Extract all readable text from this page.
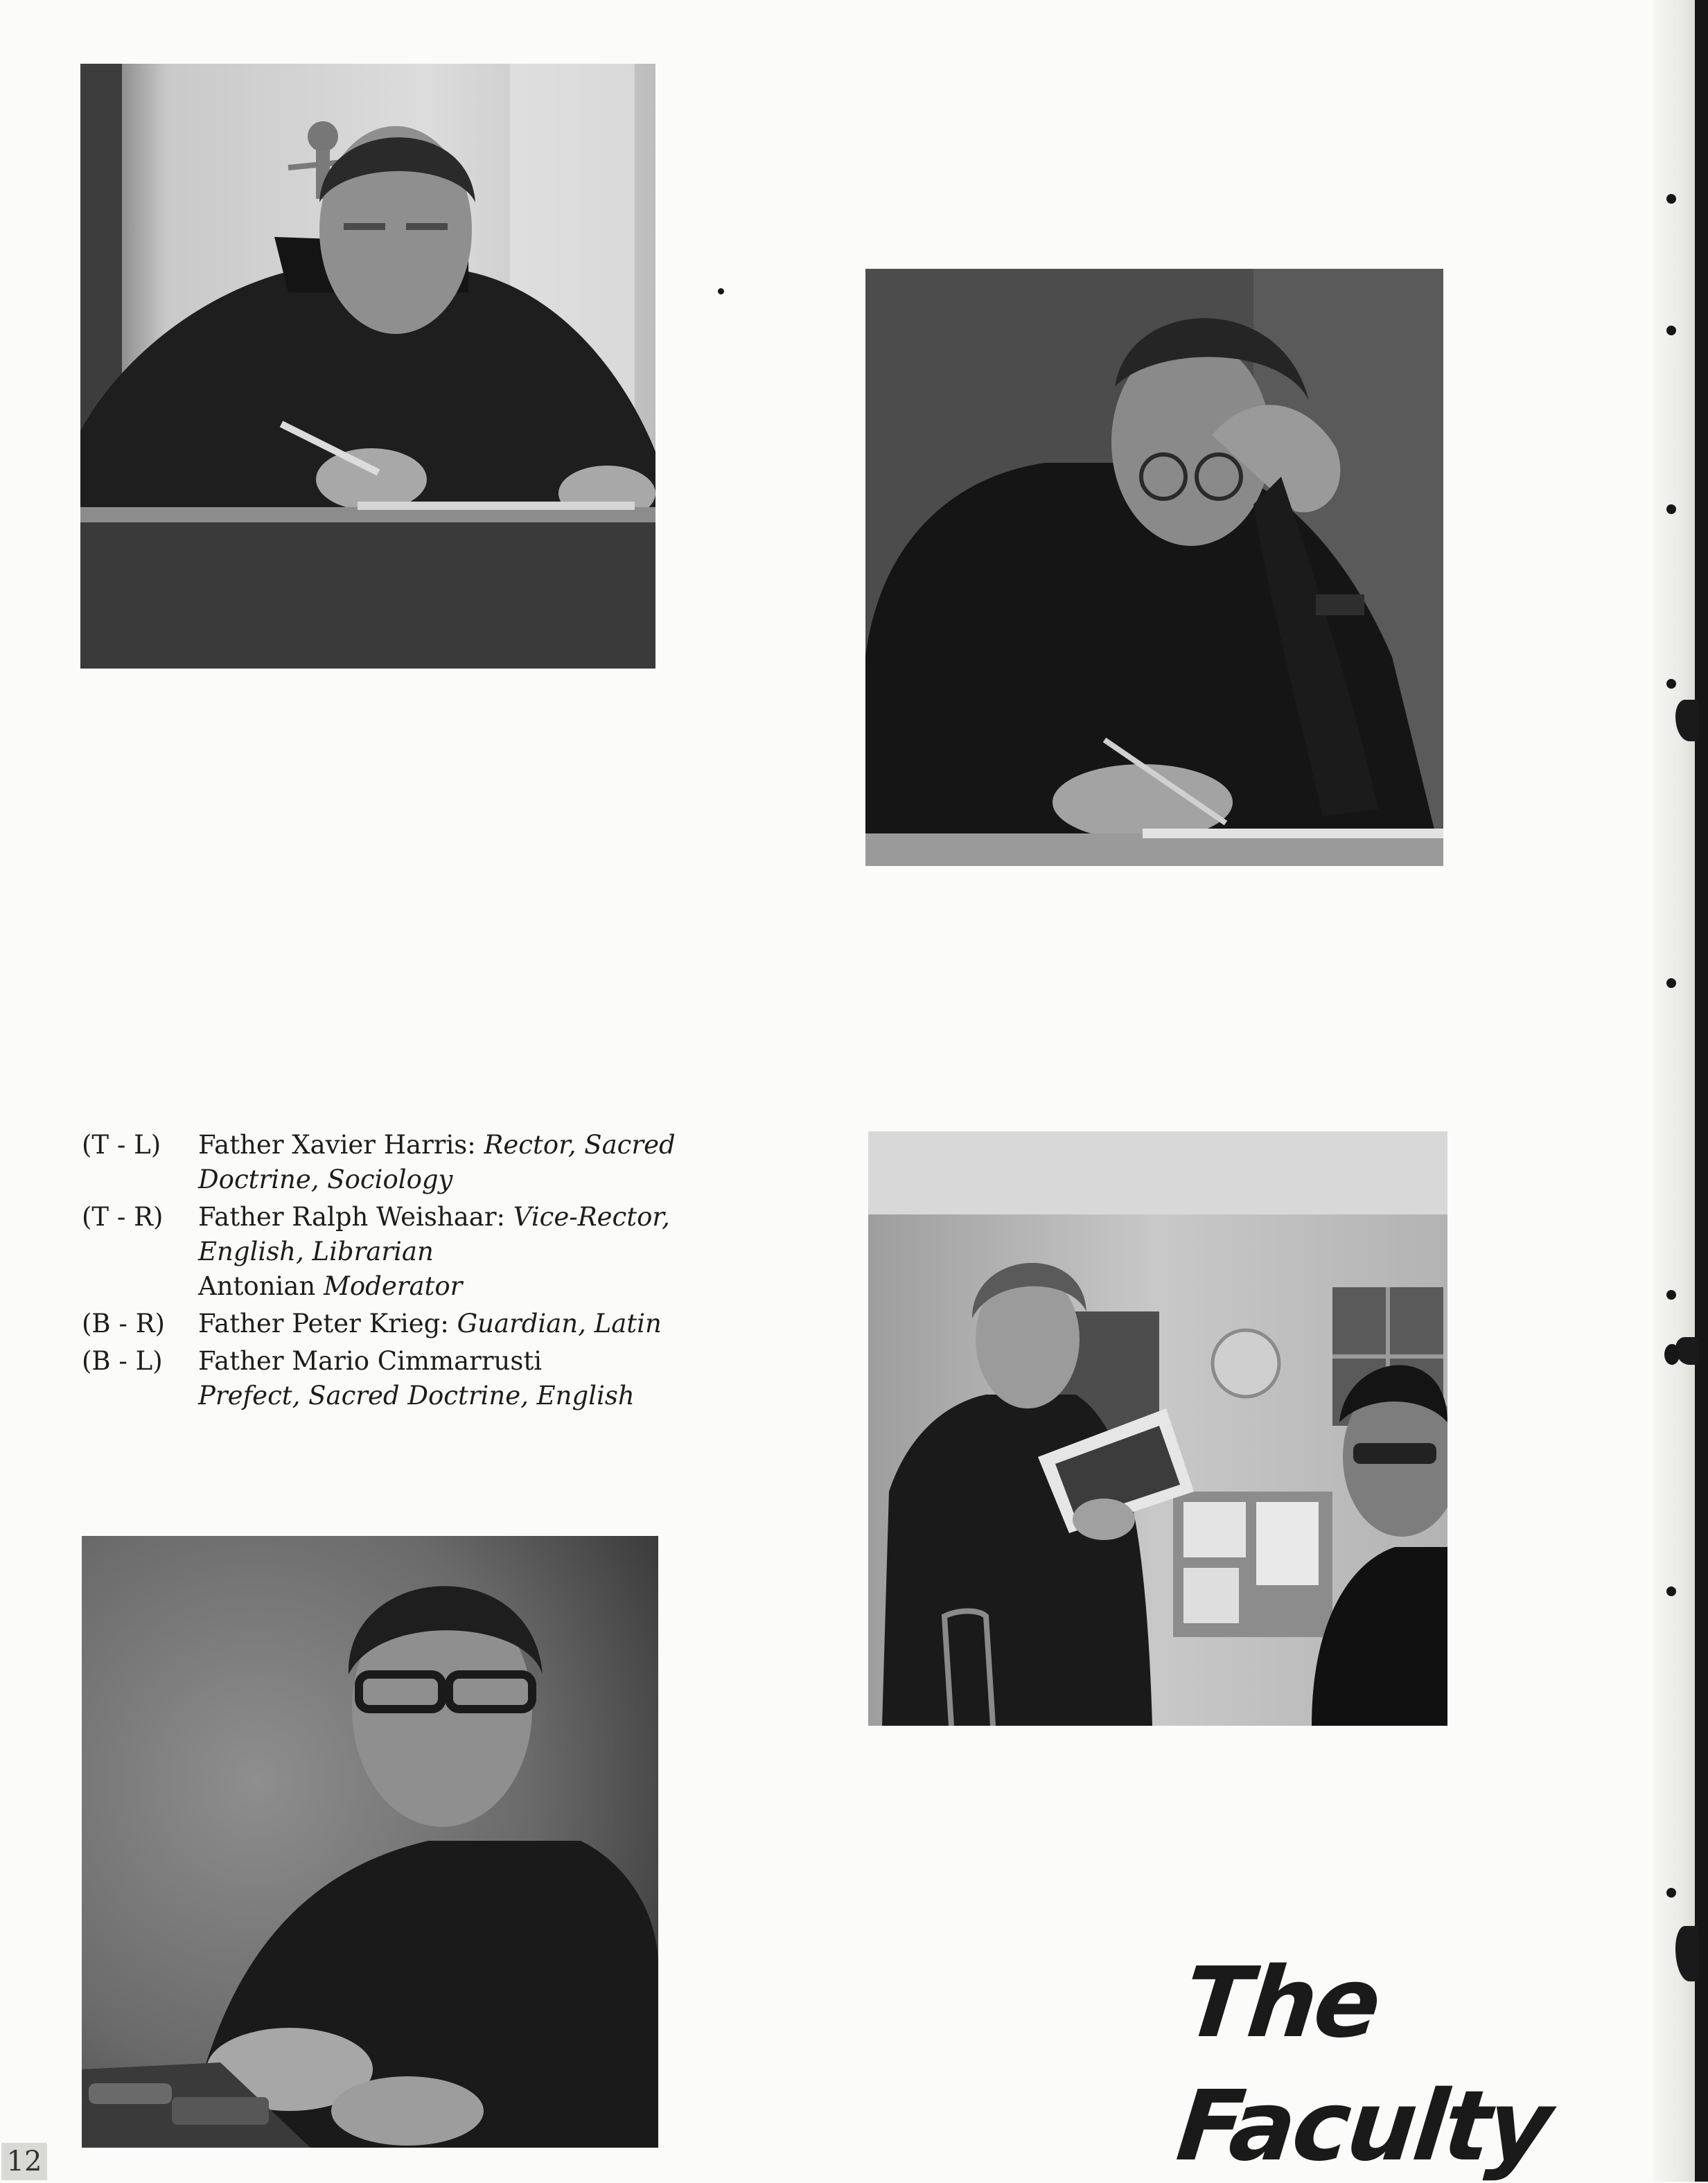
(T - L)	Father Xavier Harris: Rector, Sacred Doctrine, Sociology
(T - R)	Father Ralph Weishaar: Vice-Rector, English, Librarian
Antonian Moderator
(B - R)	Father Peter Krieg: Guardian, Latin
(B - L)	Father Mario Cimmarrusti
Prefect, Sacred Doctrine, English
The
Faculty
12
